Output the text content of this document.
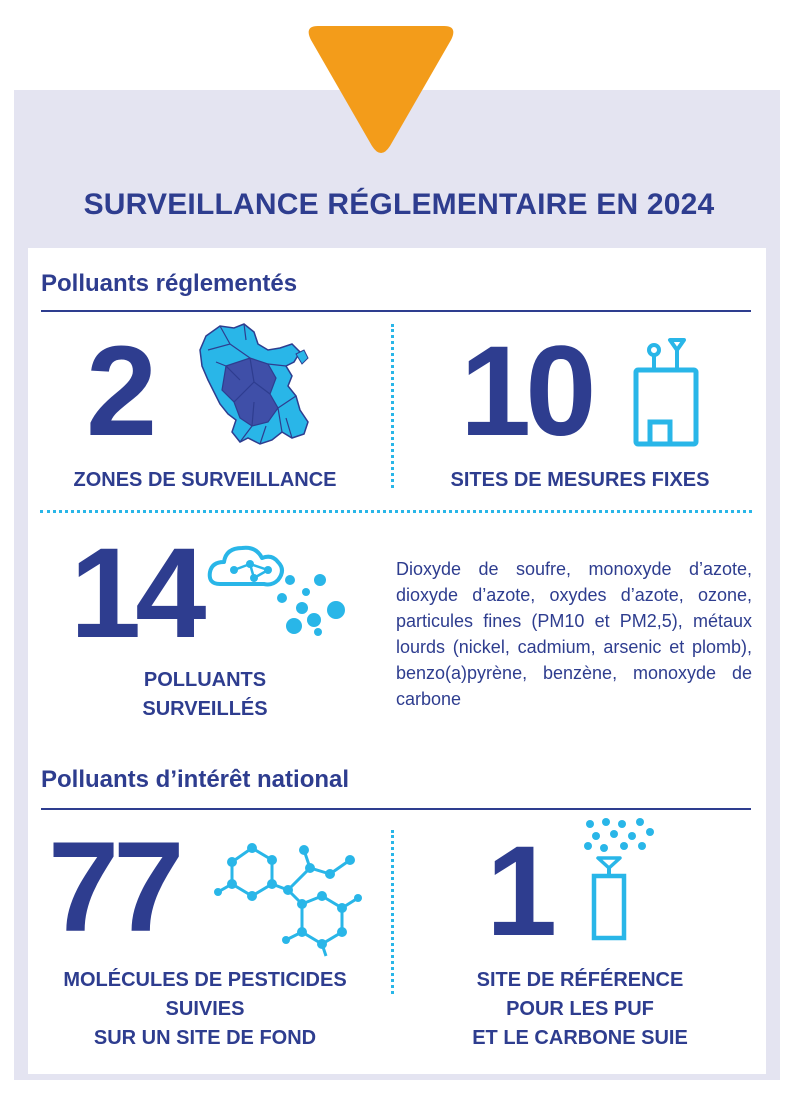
SURVEILLANCE RÉGLEMENTAIRE EN 2024
Polluants réglementés
2
ZONES DE SURVEILLANCE
10
SITES DE MESURES FIXES
14
POLLUANTS
SURVEILLÉS
Dioxyde de soufre, monoxyde d’azote, dioxyde d’azote, oxydes d’azote, ozone, particules fines (PM10 et PM2,5), métaux lourds (nickel, cadmium, arsenic et plomb), benzo(a)pyrène, benzène, monoxyde de carbone
Polluants d’intérêt national
77
MOLÉCULES DE PESTICIDES
SUIVIES
SUR UN SITE DE FOND
1
SITE DE RÉFÉRENCE
POUR LES PUF
ET LE CARBONE SUIE
